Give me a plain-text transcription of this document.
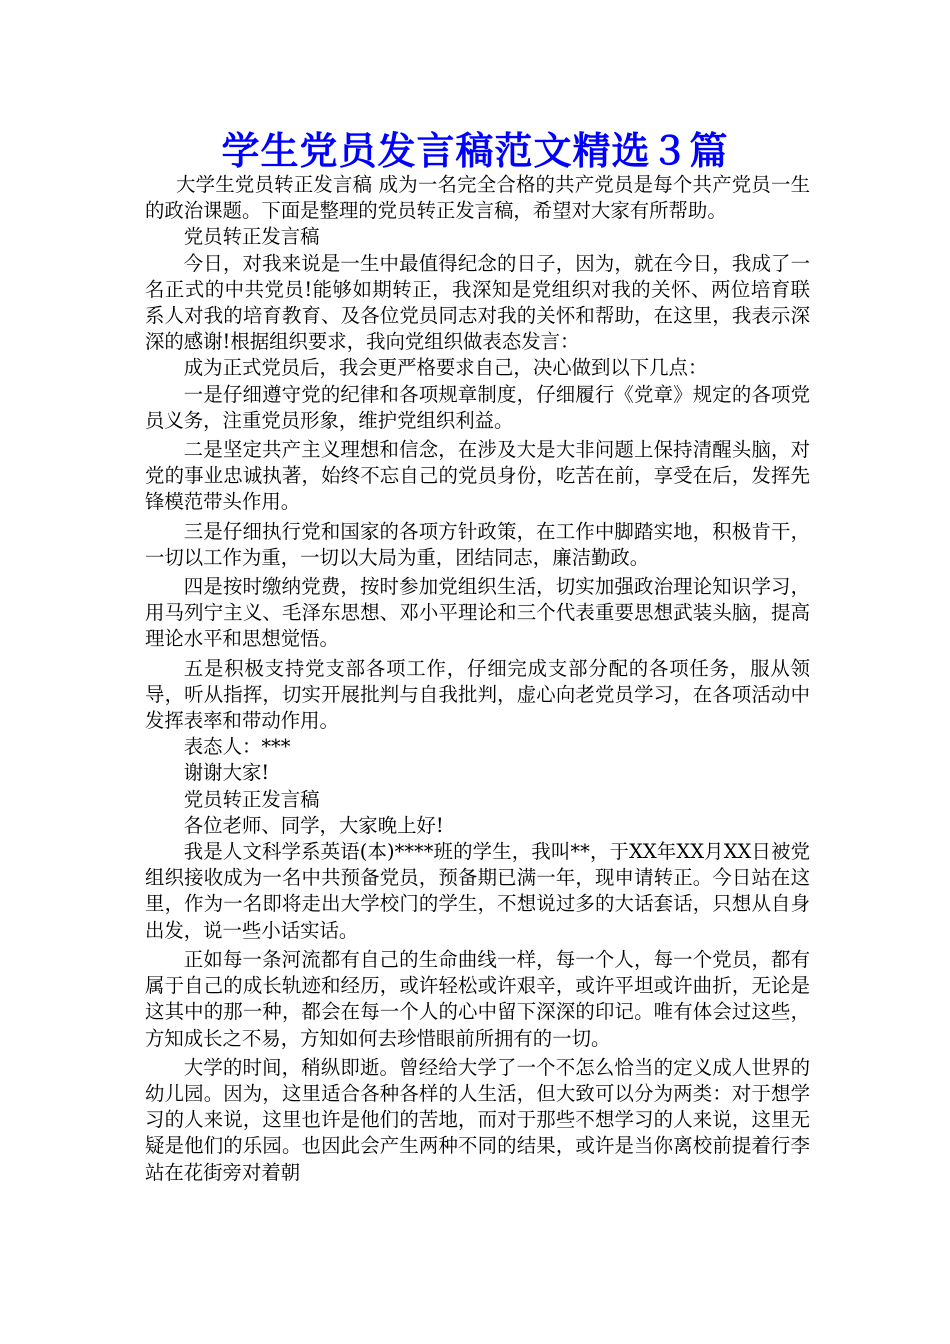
学生党员发言稿范文精选３篇

大学生党员转正发言稿 成为一名完全合格的共产党员是每个共产党员一生的政治课题。下面是整理的党员转正发言稿，希望对大家有所帮助。

党员转正发言稿

今日，对我来说是一生中最值得纪念的日子，因为，就在今日，我成了一名正式的中共党员!能够如期转正，我深知是党组织对我的关怀、两位培育联系人对我的培育教育、及各位党员同志对我的关怀和帮助，在这里，我表示深深的感谢!根据组织要求，我向党组织做表态发言：

成为正式党员后，我会更严格要求自己，决心做到以下几点：

一是仔细遵守党的纪律和各项规章制度，仔细履行《党章》规定的各项党员义务，注重党员形象，维护党组织利益。

二是坚定共产主义理想和信念，在涉及大是大非问题上保持清醒头脑，对党的事业忠诚执著，始终不忘自己的党员身份，吃苦在前，享受在后，发挥先锋模范带头作用。

三是仔细执行党和国家的各项方针政策，在工作中脚踏实地，积极肯干，一切以工作为重，一切以大局为重，团结同志，廉洁勤政。

四是按时缴纳党费，按时参加党组织生活，切实加强政治理论知识学习，用马列宁主义、毛泽东思想、邓小平理论和三个代表重要思想武装头脑，提高理论水平和思想觉悟。

五是积极支持党支部各项工作，仔细完成支部分配的各项任务，服从领导，听从指挥，切实开展批判与自我批判，虚心向老党员学习，在各项活动中发挥表率和带动作用。

表态人：***

谢谢大家!

党员转正发言稿

各位老师、同学，大家晚上好!

我是人文科学系英语(本)****班的学生，我叫**，于XX年XX月XX日被党组织接收成为一名中共预备党员，预备期已满一年，现申请转正。今日站在这里，作为一名即将走出大学校门的学生，不想说过多的大话套话，只想从自身出发，说一些小话实话。

正如每一条河流都有自己的生命曲线一样，每一个人，每一个党员，都有属于自己的成长轨迹和经历，或许轻松或许艰辛，或许平坦或许曲折，无论是这其中的那一种，都会在每一个人的心中留下深深的印记。唯有体会过这些，方知成长之不易，方知如何去珍惜眼前所拥有的一切。

大学的时间，稍纵即逝。曾经给大学了一个不怎么恰当的定义成人世界的幼儿园。因为，这里适合各种各样的人生活，但大致可以分为两类：对于想学习的人来说，这里也许是他们的苦地，而对于那些不想学习的人来说，这里无疑是他们的乐园。也因此会产生两种不同的结果，或许是当你离校前提着行李站在花街旁对着朝
